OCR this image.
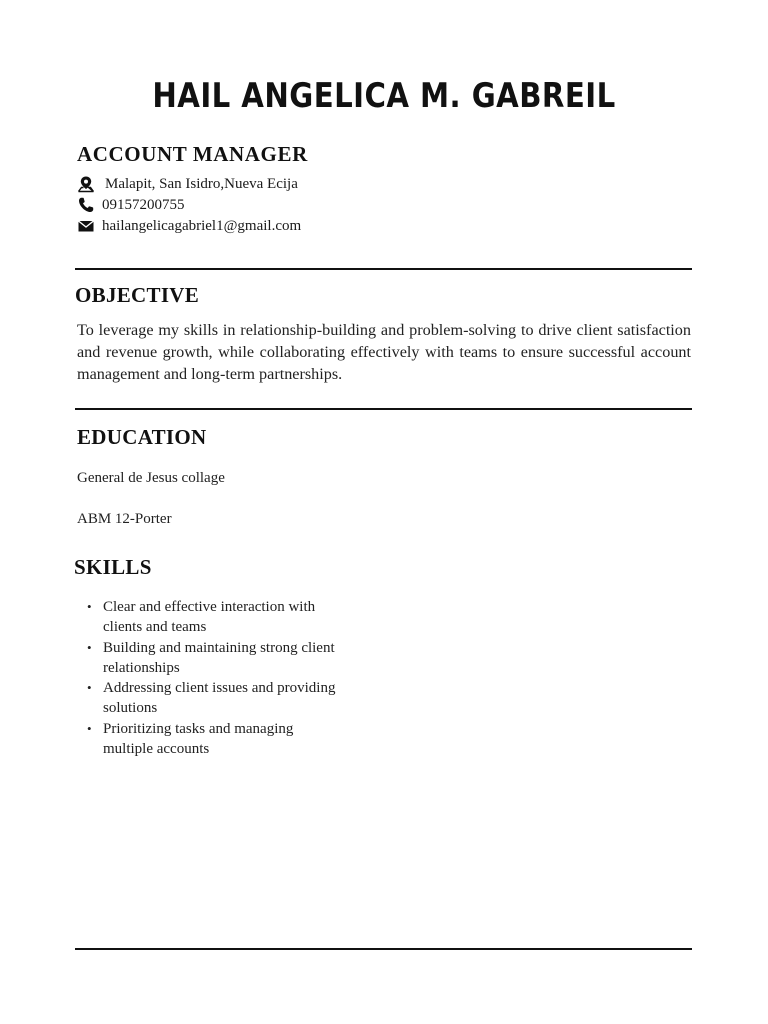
HAIL ANGELICA M. GABREIL
ACCOUNT MANAGER
Malapit, San Isidro,Nueva Ecija
09157200755
hailangelicagabriel1@gmail.com
OBJECTIVE

To leverage my skills in relationship-building and problem-solving to drive client satisfaction and revenue growth, while collaborating effectively with teams to ensure successful account management and long-term partnerships.

EDUCATION

General de Jesus collage

ABM 12-Porter

SKILLS
• Clear and effective interaction with clients and teams
• Building and maintaining strong client relationships
• Addressing client issues and providing solutions
• Prioritizing tasks and managing multiple accounts
